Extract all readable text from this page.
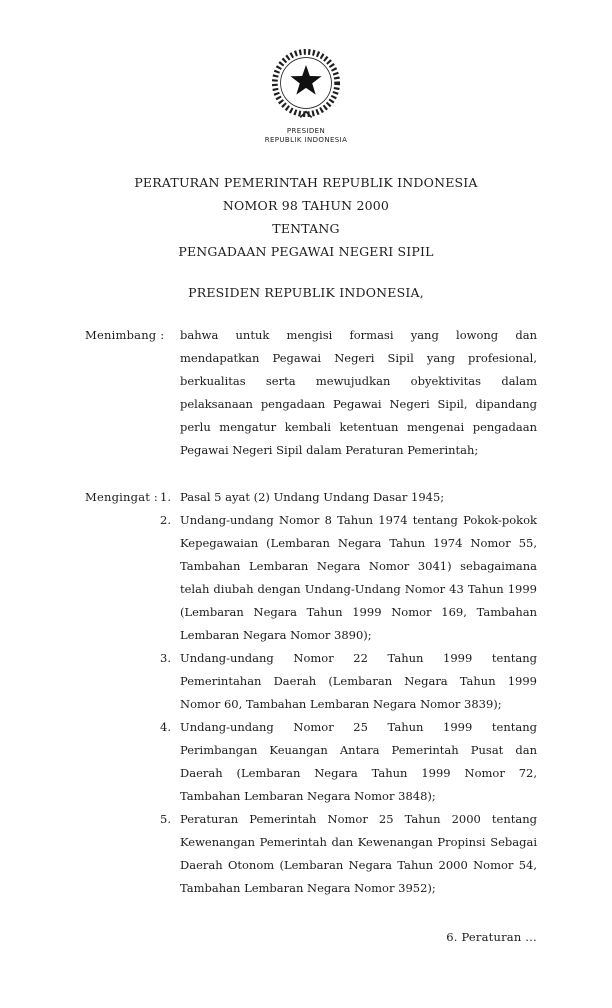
PRESIDEN
REPUBLIK INDONESIA
PERATURAN PEMERINTAH REPUBLIK INDONESIA
NOMOR 98 TAHUN 2000
TENTANG
PENGADAAN PEGAWAI NEGERI SIPIL
PRESIDEN REPUBLIK INDONESIA,
Menimbang :	bahwa untuk mengisi formasi yang lowong dan mendapatkan Pegawai Negeri Sipil yang profesional, berkualitas serta mewujudkan obyektivitas dalam pelaksanaan pengadaan Pegawai Negeri Sipil, dipandang perlu mengatur kembali ketentuan mengenai pengadaan Pegawai Negeri Sipil dalam Peraturan Pemerintah;
Mengingat : 1. Pasal 5 ayat (2) Undang Undang Dasar 1945;
2. Undang-undang Nomor 8 Tahun 1974 tentang Pokok-pokok Kepegawaian (Lembaran Negara Tahun 1974 Nomor 55, Tambahan Lembaran Negara Nomor 3041) sebagaimana telah diubah dengan Undang-Undang Nomor 43 Tahun 1999 (Lembaran Negara Tahun 1999 Nomor 169, Tambahan Lembaran Negara Nomor 3890);
3. Undang-undang Nomor 22 Tahun 1999 tentang Pemerintahan Daerah (Lembaran Negara Tahun 1999 Nomor 60, Tambahan Lembaran Negara Nomor 3839);
4. Undang-undang Nomor 25 Tahun 1999 tentang Perimbangan Keuangan Antara Pemerintah Pusat dan Daerah (Lembaran Negara Tahun 1999 Nomor 72, Tambahan Lembaran Negara Nomor 3848);
5. Peraturan Pemerintah Nomor 25 Tahun 2000 tentang Kewenangan Pemerintah dan Kewenangan Propinsi Sebagai Daerah Otonom (Lembaran Negara Tahun 2000 Nomor 54, Tambahan Lembaran Negara Nomor 3952);
6. Peraturan …
